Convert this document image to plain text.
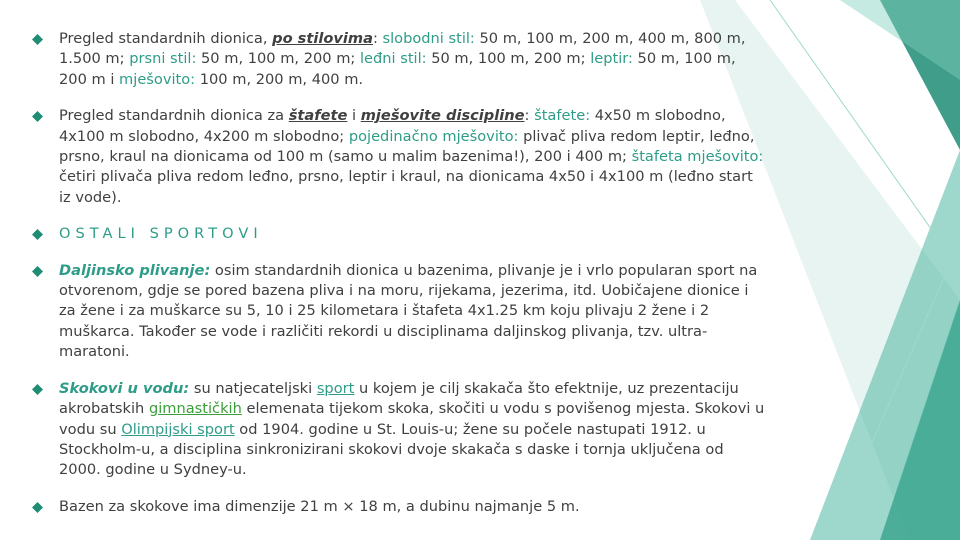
Pregled standardnih dionica, po stilovima: slobodni stil: 50 m, 100 m, 200 m, 400 m, 800 m, 1.500 m; prsni stil: 50 m, 100 m, 200 m; leđni stil: 50 m, 100 m, 200 m; leptir: 50 m, 100 m, 200 m i mješovito: 100 m, 200 m, 400 m.
Pregled standardnih dionica za štafete i mješovite discipline: štafete: 4x50 m slobodno, 4x100 m slobodno, 4x200 m slobodno; pojedinačno mješovito: plivač pliva redom leptir, leđno, prsno, kraul na dionicama od 100 m (samo u malim bazenima!), 200 i 400 m; štafeta mješovito: četiri plivača pliva redom leđno, prsno, leptir i kraul, na dionicama 4x50 i 4x100 m (leđno start iz vode).
OSTALI SPORTOVI
Daljinsko plivanje: osim standardnih dionica u bazenima, plivanje je i vrlo popularan sport na otvorenom, gdje se pored bazena pliva i na moru, rijekama, jezerima, itd. Uobičajene dionice i za žene i za muškarce su 5, 10 i 25 kilometara i štafeta 4x1.25 km koju plivaju 2 žene i 2 muškarca. Također se vode i različiti rekordi u disciplinama daljinskog plivanja, tzv. ultra-maratoni.
Skokovi u vodu: su natjecateljski sport u kojem je cilj skakača što efektnije, uz prezentaciju akrobatskih gimnastičkih elemenata tijekom skoka, skočiti u vodu s povišenog mjesta. Skokovi u vodu su Olimpijski sport od 1904. godine u St. Louis-u; žene su počele nastupati 1912. u Stockholm-u, a disciplina sinkronizirani skokovi dvoje skakača s daske i tornja uključena od 2000. godine u Sydney-u.
Bazen za skokove ima dimenzije 21 m × 18 m, a dubinu najmanje 5 m.
